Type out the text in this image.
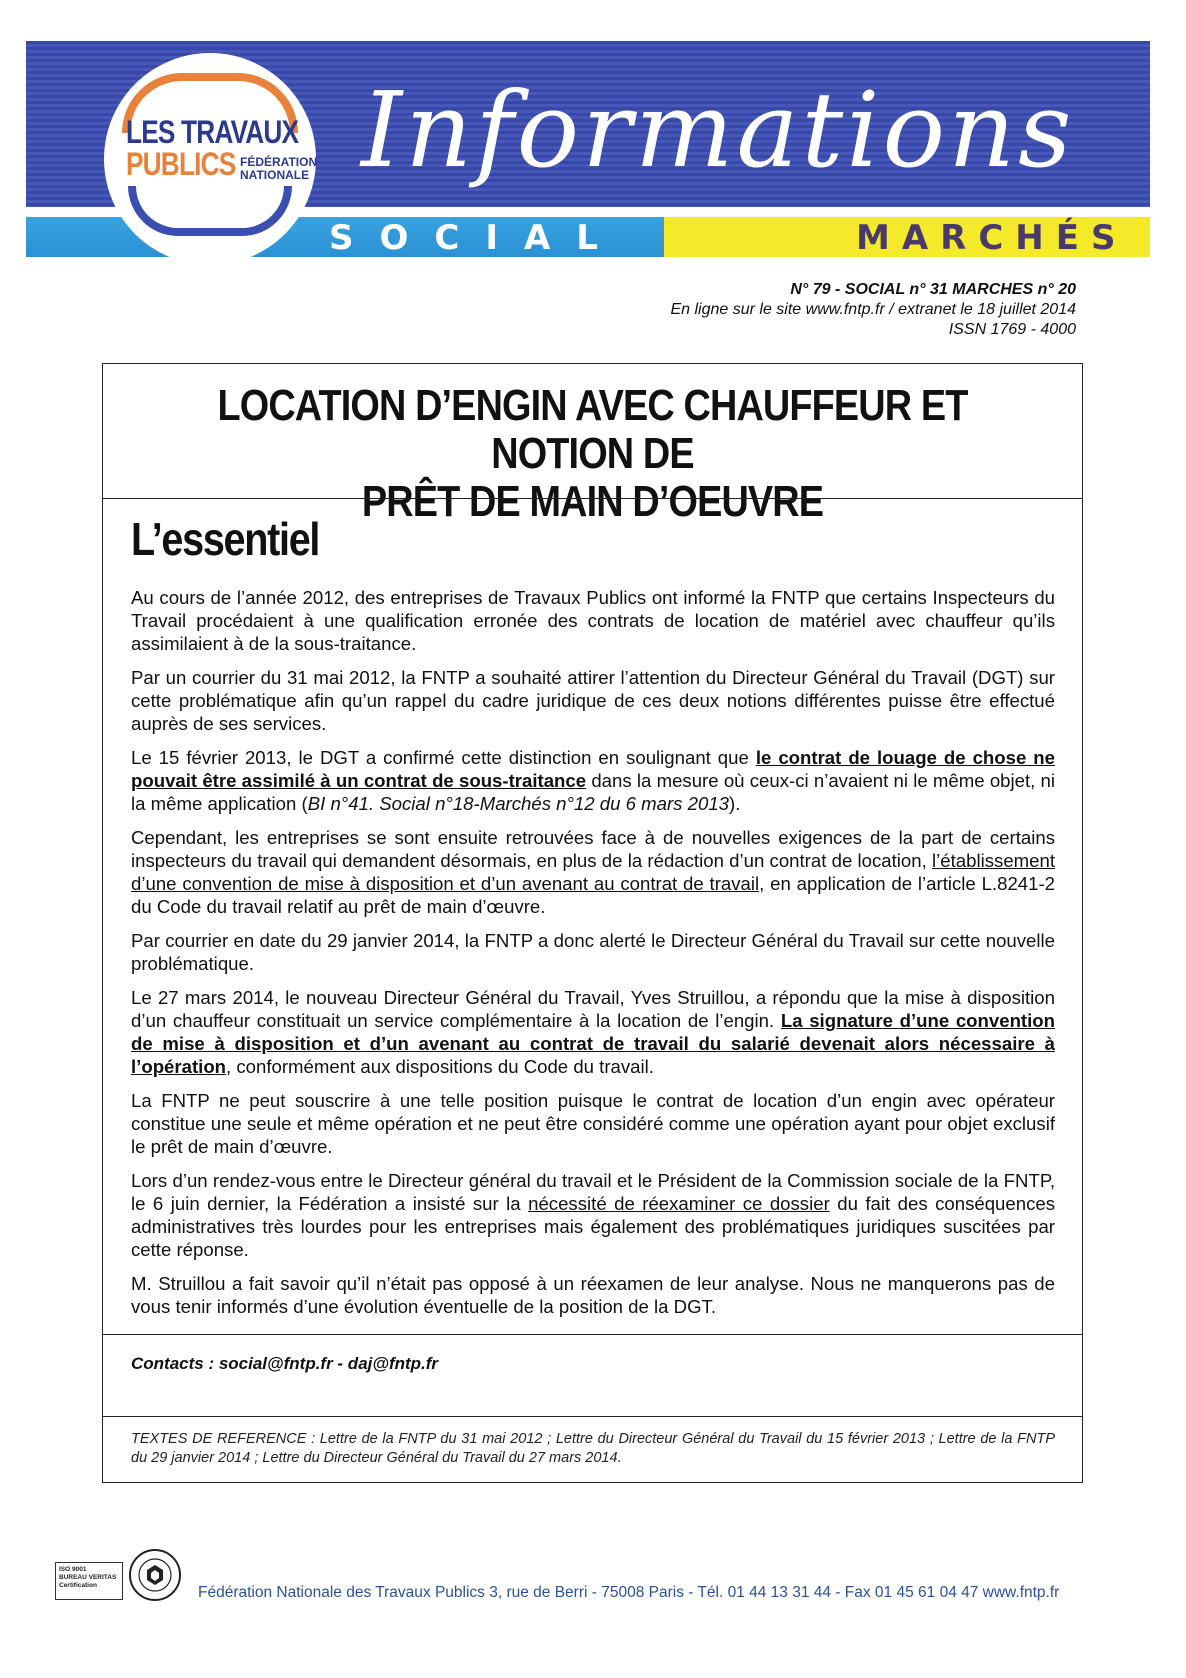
Informations
SOCIAL	MARCHÉS
LES TRAVAUX
PUBLICS FÉDÉRATION
NATIONALE
N° 79 - SOCIAL n° 31 MARCHES n° 20
En ligne sur le site www.fntp.fr / extranet le 18 juillet 2014
ISSN 1769 - 4000
LOCATION D’ENGIN AVEC CHAUFFEUR ET NOTION DE
PRÊT DE MAIN D’OEUVRE
L’essentiel

Au cours de l’année 2012, des entreprises de Travaux Publics ont informé la FNTP que certains Inspecteurs du Travail procédaient à une qualification erronée des contrats de location de matériel avec chauffeur qu’ils assimilaient à de la sous-traitance.

Par un courrier du 31 mai 2012, la FNTP a souhaité attirer l’attention du Directeur Général du Travail (DGT) sur cette problématique afin qu’un rappel du cadre juridique de ces deux notions différentes puisse être effectué auprès de ses services.

Le 15 février 2013, le DGT a confirmé cette distinction en soulignant que le contrat de louage de chose ne pouvait être assimilé à un contrat de sous-traitance dans la mesure où ceux-ci n’avaient ni le même objet, ni la même application (BI n°41. Social n°18-Marchés n°12 du 6 mars 2013).

Cependant, les entreprises se sont ensuite retrouvées face à de nouvelles exigences de la part de certains inspecteurs du travail qui demandent désormais, en plus de la rédaction d’un contrat de location, l’établissement d’une convention de mise à disposition et d’un avenant au contrat de travail, en application de l’article L.8241-2 du Code du travail relatif au prêt de main d’œuvre.

Par courrier en date du 29 janvier 2014, la FNTP a donc alerté le Directeur Général du Travail sur cette nouvelle problématique.

Le 27 mars 2014, le nouveau Directeur Général du Travail, Yves Struillou, a répondu que la mise à disposition d’un chauffeur constituait un service complémentaire à la location de l’engin. La signature d’une convention de mise à disposition et d’un avenant au contrat de travail du salarié devenait alors nécessaire à l’opération, conformément aux dispositions du Code du travail.

La FNTP ne peut souscrire à une telle position puisque le contrat de location d’un engin avec opérateur constitue une seule et même opération et ne peut être considéré comme une opération ayant pour objet exclusif le prêt de main d’œuvre.

Lors d’un rendez-vous entre le Directeur général du travail et le Président de la Commission sociale de la FNTP, le 6 juin dernier, la Fédération a insisté sur la nécessité de réexaminer ce dossier du fait des conséquences administratives très lourdes pour les entreprises mais également des problématiques juridiques suscitées par cette réponse.

M. Struillou a fait savoir qu’il n’était pas opposé à un réexamen de leur analyse. Nous ne manquerons pas de vous tenir informés d’une évolution éventuelle de la position de la DGT.

Contacts : social@fntp.fr - daj@fntp.fr
TEXTES DE REFERENCE : Lettre de la FNTP du 31 mai 2012 ; Lettre du Directeur Général du Travail du 15 février 2013 ; Lettre de la FNTP du 29 janvier 2014 ; Lettre du Directeur Général du Travail du 27 mars 2014.
ISO 9001
BUREAU VERITAS
Certification	Fédération Nationale des Travaux Publics 3, rue de Berri - 75008 Paris - Tél. 01 44 13 31 44 - Fax 01 45 61 04 47 www.fntp.fr
